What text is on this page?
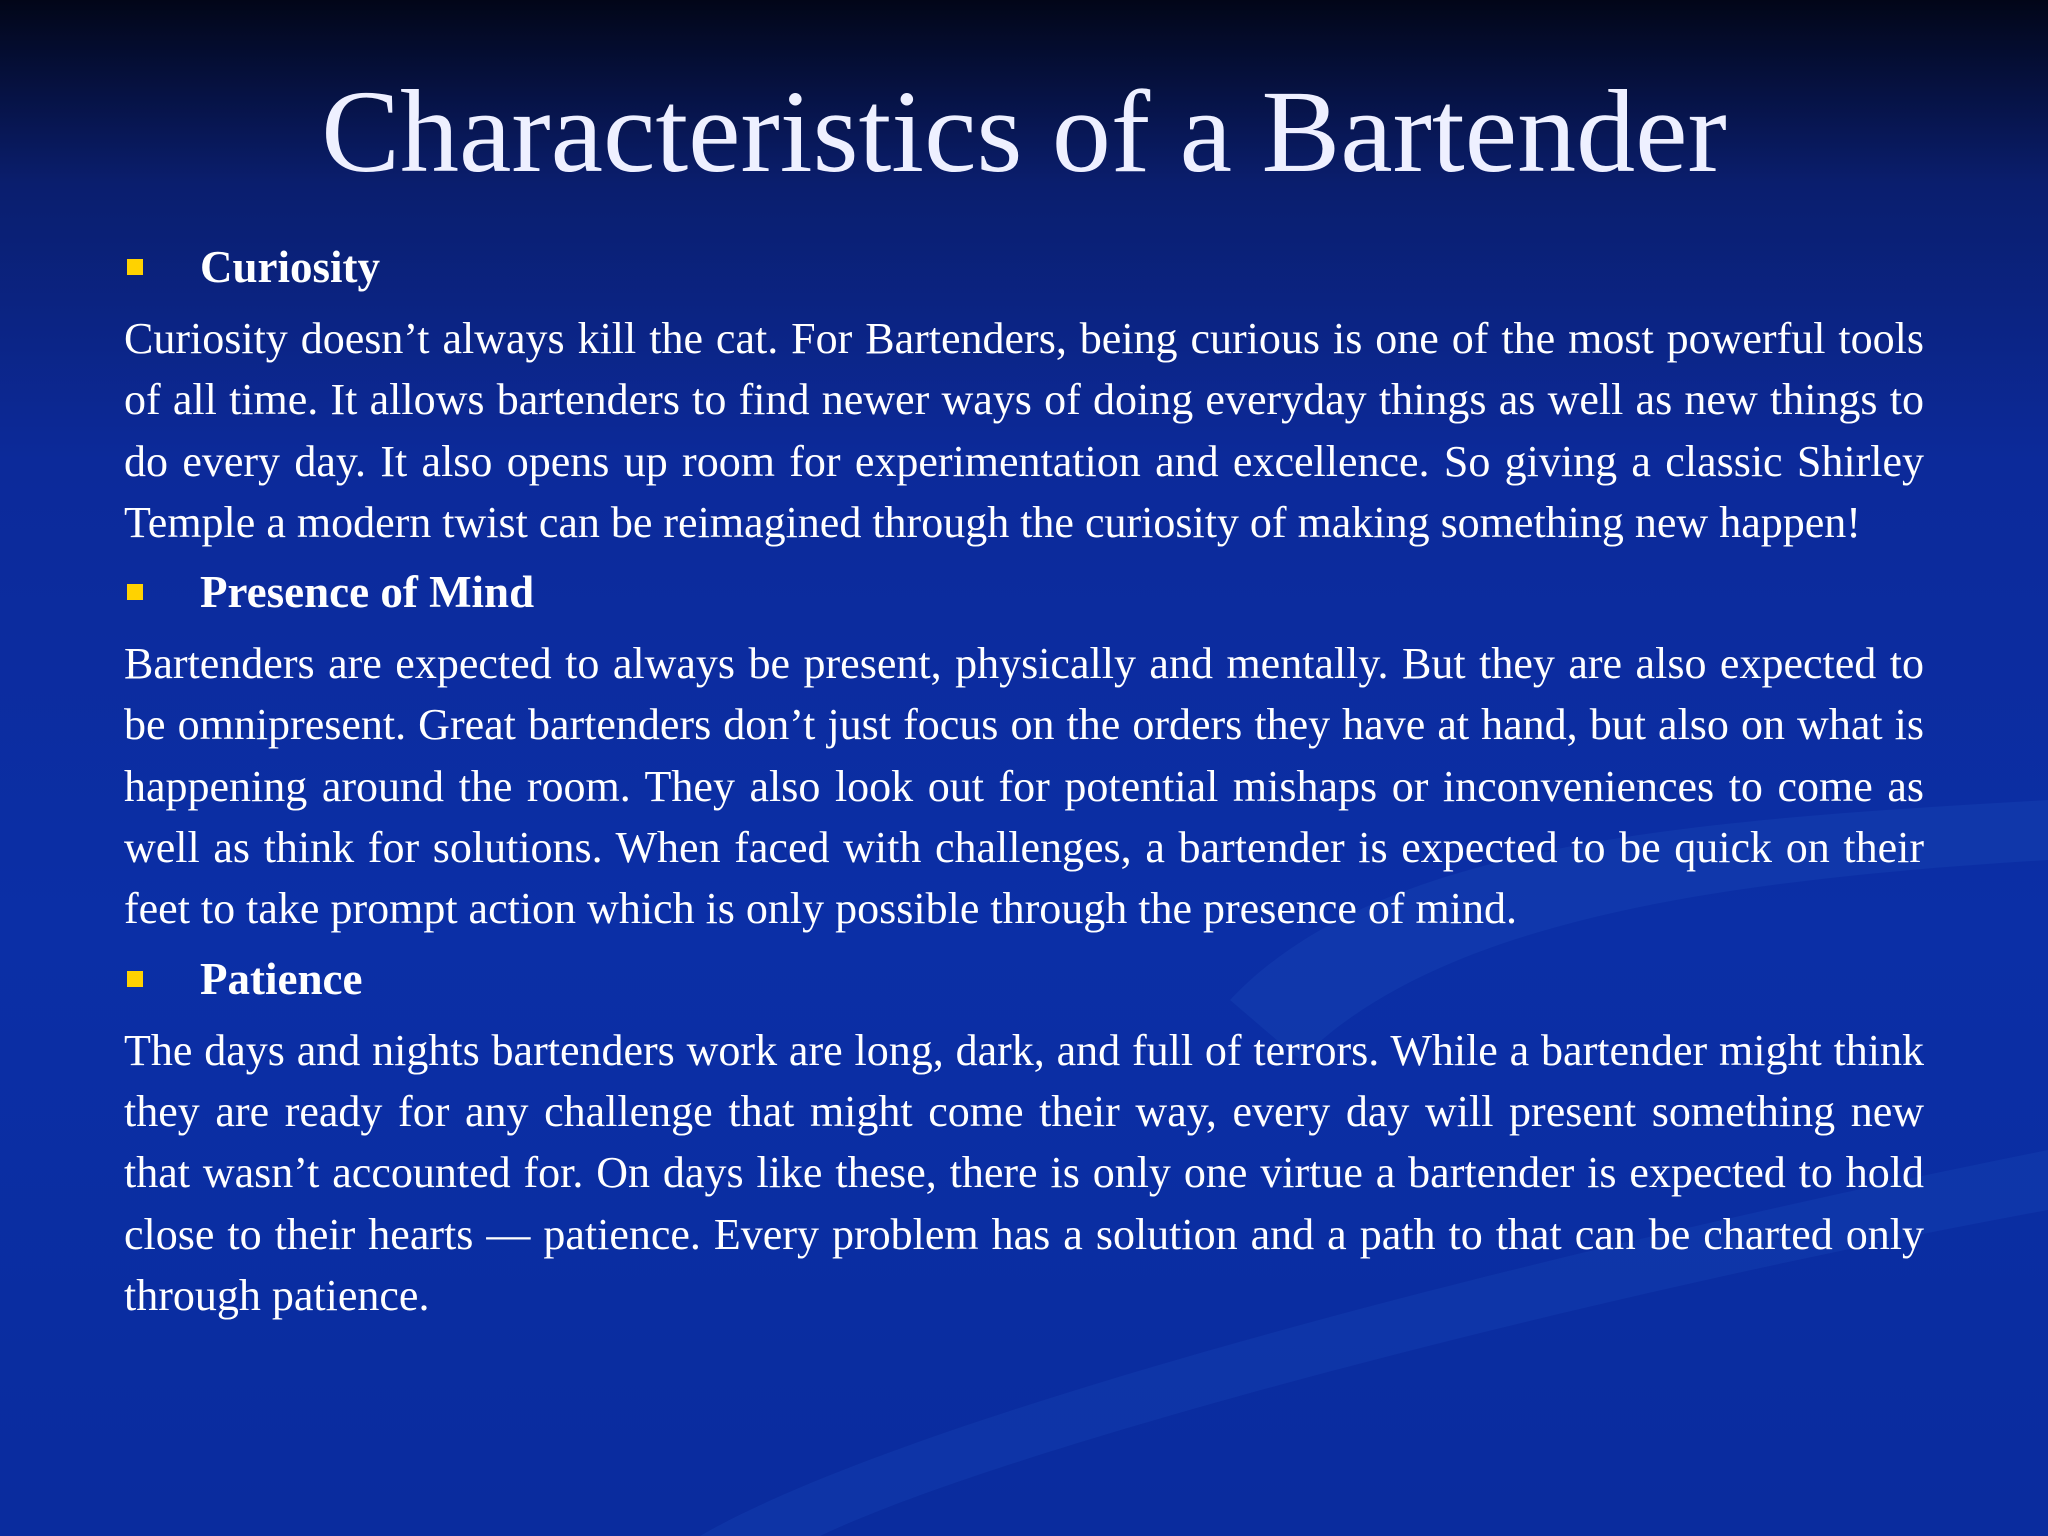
Characteristics of a Bartender
Curiosity

Curiosity doesn’t always kill the cat. For Bartenders, being curious is one of the most powerful tools of all time. It allows bartenders to find newer ways of doing everyday things as well as new things to do every day. It also opens up room for experimentation and excellence. So giving a classic Shirley Temple a modern twist can be reimagined through the curiosity of making something new happen!

Presence of Mind

Bartenders are expected to always be present, physically and mentally. But they are also expected to be omnipresent. Great bartenders don’t just focus on the orders they have at hand, but also on what is happening around the room. They also look out for potential mishaps or inconveniences to come as well as think for solutions. When faced with challenges, a bartender is expected to be quick on their feet to take prompt action which is only possible through the presence of mind.

Patience

The days and nights bartenders work are long, dark, and full of terrors. While a bartender might think they are ready for any challenge that might come their way, every day will present something new that wasn’t accounted for. On days like these, there is only one virtue a bartender is expected to hold close to their hearts — patience. Every problem has a solution and a path to that can be charted only through patience.
